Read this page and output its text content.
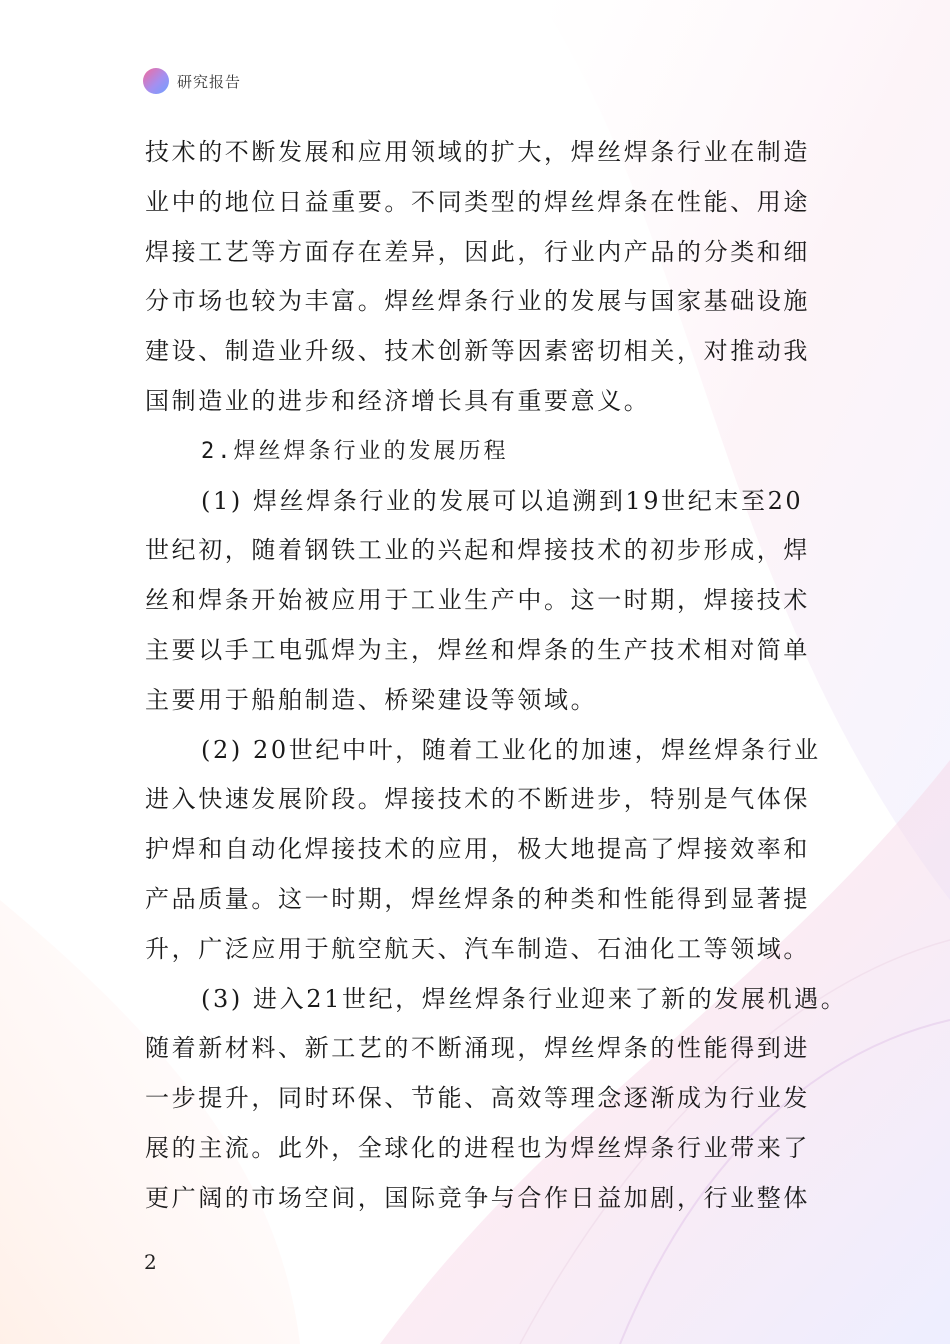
研究报告

技术的不断发展和应用领域的扩大，焊丝焊条行业在制造

业中的地位日益重要。不同类型的焊丝焊条在性能、用途

焊接工艺等方面存在差异，因此，行业内产品的分类和细

分市场也较为丰富。焊丝焊条行业的发展与国家基础设施

建设、制造业升级、技术创新等因素密切相关，对推动我

国制造业的进步和经济增长具有重要意义。

2.焊丝焊条行业的发展历程

(1) 焊丝焊条行业的发展可以追溯到19世纪末至20

世纪初，随着钢铁工业的兴起和焊接技术的初步形成，焊

丝和焊条开始被应用于工业生产中。这一时期，焊接技术

主要以手工电弧焊为主，焊丝和焊条的生产技术相对简单

主要用于船舶制造、桥梁建设等领域。

(2) 20世纪中叶，随着工业化的加速，焊丝焊条行业

进入快速发展阶段。焊接技术的不断进步，特别是气体保

护焊和自动化焊接技术的应用，极大地提高了焊接效率和

产品质量。这一时期，焊丝焊条的种类和性能得到显著提

升，广泛应用于航空航天、汽车制造、石油化工等领域。

(3) 进入21世纪，焊丝焊条行业迎来了新的发展机遇。

随着新材料、新工艺的不断涌现，焊丝焊条的性能得到进

一步提升，同时环保、节能、高效等理念逐渐成为行业发

展的主流。此外，全球化的进程也为焊丝焊条行业带来了

更广阔的市场空间，国际竞争与合作日益加剧，行业整体

2
